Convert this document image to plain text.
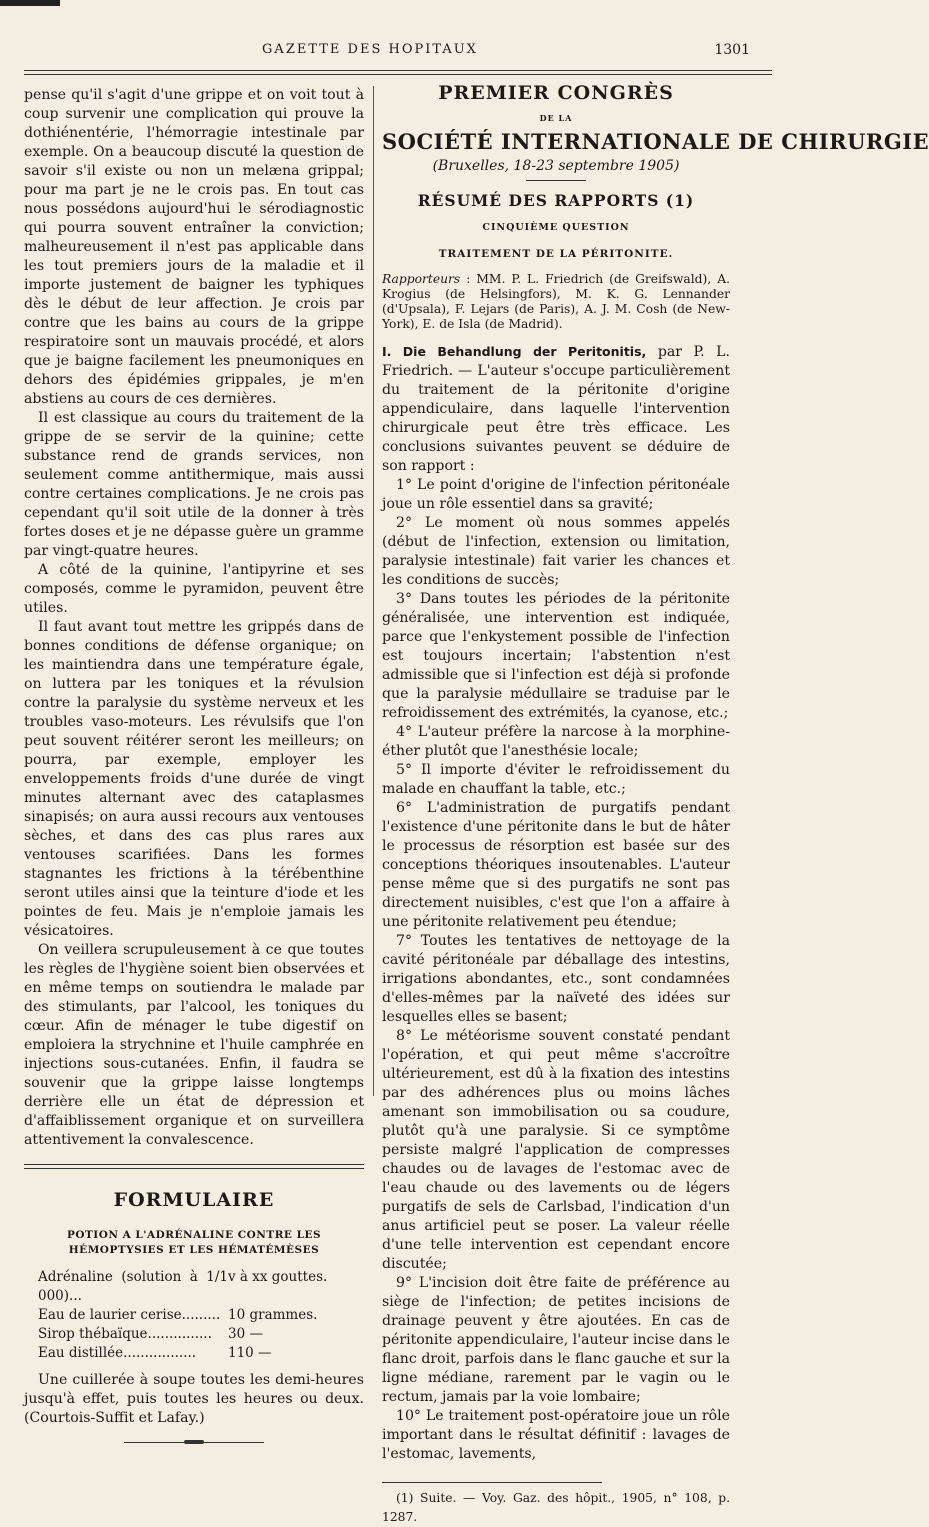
GAZETTE DES HOPITAUX	1301

pense qu'il s'agit d'une grippe et on voit tout à coup survenir une complication qui prouve la dothiénentérie, l'hémorragie intestinale par exemple. On a beaucoup discuté la question de savoir s'il existe ou non un melæna grippal; pour ma part je ne le crois pas. En tout cas nous possédons aujourd'hui le sérodiagnostic qui pourra souvent entraîner la conviction; malheureusement il n'est pas applicable dans les tout premiers jours de la maladie et il importe justement de baigner les typhiques dès le début de leur affection. Je crois par contre que les bains au cours de la grippe respiratoire sont un mauvais procédé, et alors que je baigne facilement les pneumoniques en dehors des épidémies grippales, je m'en abstiens au cours de ces dernières.

Il est classique au cours du traitement de la grippe de se servir de la quinine; cette substance rend de grands services, non seulement comme antithermique, mais aussi contre certaines complications. Je ne crois pas cependant qu'il soit utile de la donner à très fortes doses et je ne dépasse guère un gramme par vingt-quatre heures.

A côté de la quinine, l'antipyrine et ses composés, comme le pyramidon, peuvent être utiles.

Il faut avant tout mettre les grippés dans de bonnes conditions de défense organique; on les maintiendra dans une température égale, on luttera par les toniques et la révulsion contre la paralysie du système nerveux et les troubles vaso-moteurs. Les révulsifs que l'on peut souvent réitérer seront les meilleurs; on pourra, par exemple, employer les enveloppements froids d'une durée de vingt minutes alternant avec des cataplasmes sinapisés; on aura aussi recours aux ventouses sèches, et dans des cas plus rares aux ventouses scarifiées. Dans les formes stagnantes les frictions à la térébenthine seront utiles ainsi que la teinture d'iode et les pointes de feu. Mais je n'emploie jamais les vésicatoires.

On veillera scrupuleusement à ce que toutes les règles de l'hygiène soient bien observées et en même temps on soutiendra le malade par des stimulants, par l'alcool, les toniques du cœur. Afin de ménager le tube digestif on emploiera la strychnine et l'huile camphrée en injections sous-cutanées. Enfin, il faudra se souvenir que la grippe laisse longtemps derrière elle un état de dépression et d'affaiblissement organique et on surveillera attentivement la convalescence.

FORMULAIRE
POTION A L'ADRÉNALINE CONTRE LES HÉMOPTYSIES ET LES HÉMATÉMÈSES
Adrénaline (solution à 1/1 000)...	v à xx gouttes.
Eau de laurier cerise.........	10 grammes.
Sirop thébaïque...............	30 —
Eau distillée.................	110 —

Une cuillerée à soupe toutes les demi-heures jusqu'à effet, puis toutes les heures ou deux. (Courtois-Suffit et Lafay.)

PREMIER CONGRÈS
DE LA
SOCIÉTÉ INTERNATIONALE DE CHIRURGIE
(Bruxelles, 18-23 septembre 1905)
RÉSUMÉ DES RAPPORTS (1)
CINQUIÈME QUESTION
TRAITEMENT DE LA PÉRITONITE.

Rapporteurs : MM. P. L. Friedrich (de Greifswald), A. Krogius (de Helsingfors), M. K. G. Lennander (d'Upsala), F. Lejars (de Paris), A. J. M. Cosh (de New-York), E. de Isla (de Madrid).

I. Die Behandlung der Peritonitis, par P. L. Friedrich. — L'auteur s'occupe particulièrement du traitement de la péritonite d'origine appendiculaire, dans laquelle l'intervention chirurgicale peut être très efficace. Les conclusions suivantes peuvent se déduire de son rapport :

1° Le point d'origine de l'infection péritonéale joue un rôle essentiel dans sa gravité;

2° Le moment où nous sommes appelés (début de l'infection, extension ou limitation, paralysie intestinale) fait varier les chances et les conditions de succès;

3° Dans toutes les périodes de la péritonite généralisée, une intervention est indiquée, parce que l'enkystement possible de l'infection est toujours incertain; l'abstention n'est admissible que si l'infection est déjà si profonde que la paralysie médullaire se traduise par le refroidissement des extrémités, la cyanose, etc.;

4° L'auteur préfère la narcose à la morphine-éther plutôt que l'anesthésie locale;

5° Il importe d'éviter le refroidissement du malade en chauffant la table, etc.;

6° L'administration de purgatifs pendant l'existence d'une péritonite dans le but de hâter le processus de résorption est basée sur des conceptions théoriques insoutenables. L'auteur pense même que si des purgatifs ne sont pas directement nuisibles, c'est que l'on a affaire à une péritonite relativement peu étendue;

7° Toutes les tentatives de nettoyage de la cavité péritonéale par déballage des intestins, irrigations abondantes, etc., sont condamnées d'elles-mêmes par la naïveté des idées sur lesquelles elles se basent;

8° Le météorisme souvent constaté pendant l'opération, et qui peut même s'accroître ultérieurement, est dû à la fixation des intestins par des adhérences plus ou moins lâches amenant son immobilisation ou sa coudure, plutôt qu'à une paralysie. Si ce symptôme persiste malgré l'application de compresses chaudes ou de lavages de l'estomac avec de l'eau chaude ou des lavements ou de légers purgatifs de sels de Carlsbad, l'indication d'un anus artificiel peut se poser. La valeur réelle d'une telle intervention est cependant encore discutée;

9° L'incision doit être faite de préférence au siège de l'infection; de petites incisions de drainage peuvent y être ajoutées. En cas de péritonite appendiculaire, l'auteur incise dans le flanc droit, parfois dans le flanc gauche et sur la ligne médiane, rarement par le vagin ou le rectum, jamais par la voie lombaire;

10° Le traitement post-opératoire joue un rôle important dans le résultat définitif : lavages de l'estomac, lavements,

(1) Suite. — Voy. Gaz. des hôpit., 1905, n° 108, p. 1287.
